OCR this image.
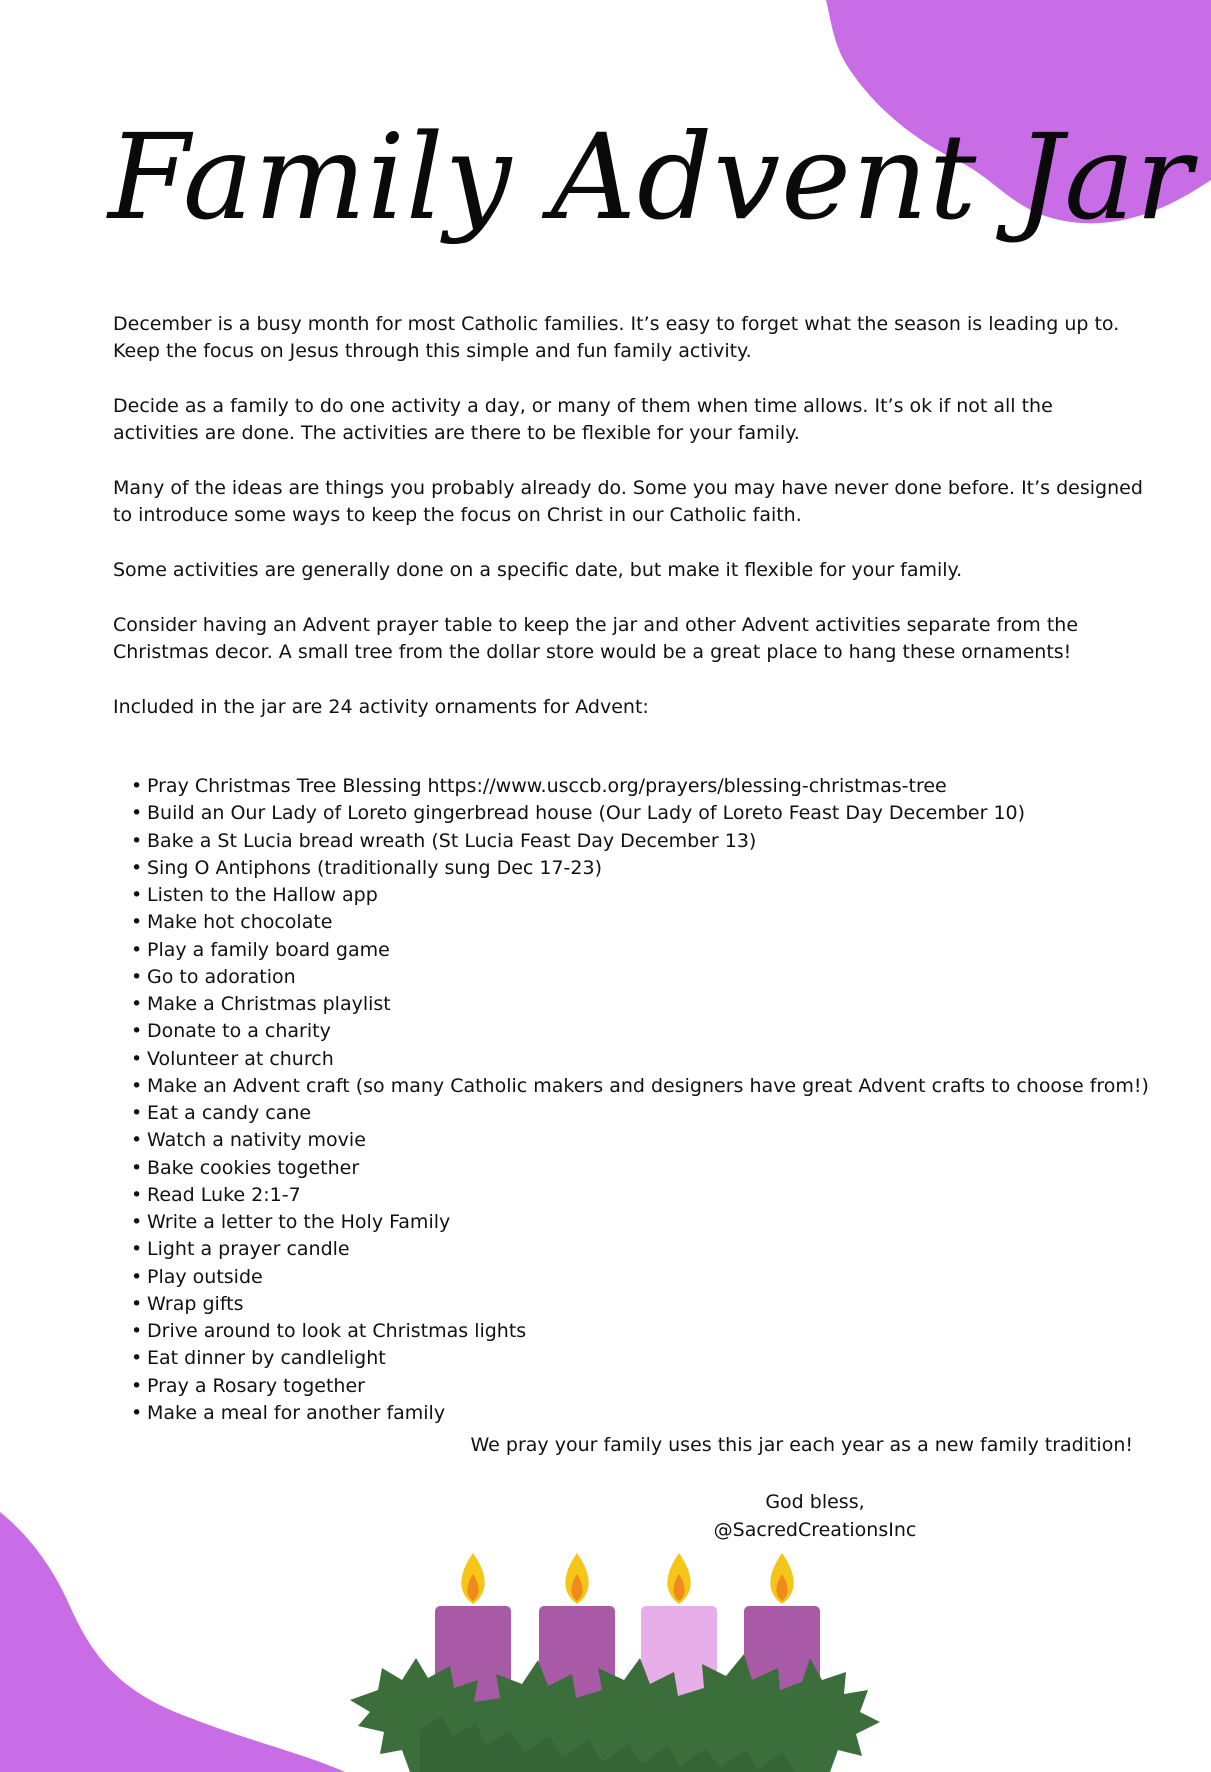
Family Advent Jar

December is a busy month for most Catholic families. It’s easy to forget what the season is leading up to. Keep the focus on Jesus through this simple and fun family activity.

Decide as a family to do one activity a day, or many of them when time allows. It’s ok if not all the activities are done. The activities are there to be flexible for your family.

Many of the ideas are things you probably already do. Some you may have never done before. It’s designed to introduce some ways to keep the focus on Christ in our Catholic faith.

Some activities are generally done on a specific date, but make it flexible for your family.

Consider having an Advent prayer table to keep the jar and other Advent activities separate from the Christmas decor. A small tree from the dollar store would be a great place to hang these ornaments!

Included in the jar are 24 activity ornaments for Advent:

• Pray Christmas Tree Blessing https://www.usccb.org/prayers/blessing-christmas-tree
• Build an Our Lady of Loreto gingerbread house (Our Lady of Loreto Feast Day December 10)
• Bake a St Lucia bread wreath (St Lucia Feast Day December 13)
• Sing O Antiphons (traditionally sung Dec 17-23)
• Listen to the Hallow app
• Make hot chocolate
• Play a family board game
• Go to adoration
• Make a Christmas playlist
• Donate to a charity
• Volunteer at church
• Make an Advent craft (so many Catholic makers and designers have great Advent crafts to choose from!)
• Eat a candy cane
• Watch a nativity movie
• Bake cookies together
• Read Luke 2:1-7
• Write a letter to the Holy Family
• Light a prayer candle
• Play outside
• Wrap gifts
• Drive around to look at Christmas lights
• Eat dinner by candlelight
• Pray a Rosary together
• Make a meal for another family
We pray your family uses this jar each year as a new family tradition!
God bless,
@SacredCreationsInc
